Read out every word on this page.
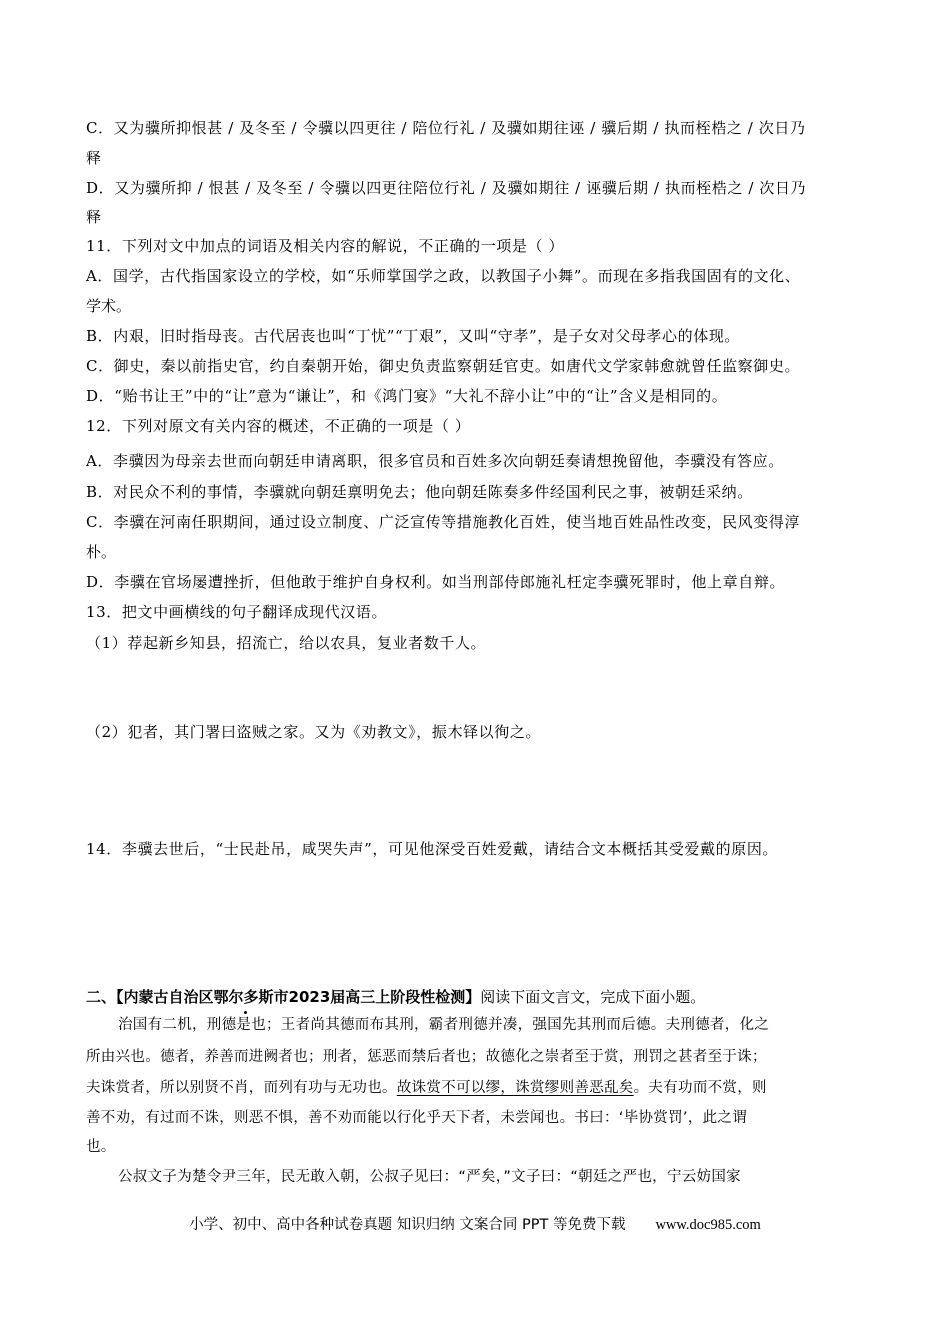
C．又为骥所抑恨甚 / 及冬至 / 令骥以四更往 / 陪位行礼 / 及骥如期往诬 / 骥后期 / 执而桎梏之 / 次日乃
释
D．又为骥所抑 / 恨甚 / 及冬至 / 令骥以四更往陪位行礼 / 及骥如期往 / 诬骥后期 / 执而桎梏之 / 次日乃
释
11．下列对文中加点的词语及相关内容的解说，不正确的一项是（ ）
A．国学，古代指国家设立的学校，如“乐师掌国学之政，以教国子小舞”。而现在多指我国固有的文化、
学术。
B．内艰，旧时指母丧。古代居丧也叫“丁忧”“丁艰”，又叫“守孝”，是子女对父母孝心的体现。
C．御史，秦以前指史官，约自秦朝开始，御史负责监察朝廷官吏。如唐代文学家韩愈就曾任监察御史。
D．“贻书让王”中的“让”意为“谦让”，和《鸿门宴》“大礼不辞小让”中的“让”含义是相同的。
12．下列对原文有关内容的概述，不正确的一项是（ ）
A．李骥因为母亲去世而向朝廷申请离职，很多官员和百姓多次向朝廷奏请想挽留他，李骥没有答应。
B．对民众不利的事情，李骥就向朝廷禀明免去；他向朝廷陈奏多件经国利民之事，被朝廷采纳。
C．李骥在河南任职期间，通过设立制度、广泛宣传等措施教化百姓，使当地百姓品性改变，民风变得淳
朴。
D．李骥在官场屡遭挫折，但他敢于维护自身权利。如当刑部侍郎施礼枉定李骥死罪时，他上章自辩。
13．把文中画横线的句子翻译成现代汉语。
（1）荐起新乡知县，招流亡，给以农具，复业者数千人。
（2）犯者，其门署曰盗贼之家。又为《劝教文》，振木铎以徇之。
14．李骥去世后，“士民赴吊，咸哭失声”，可见他深受百姓爱戴，请结合文本概括其受爱戴的原因。
二、【内蒙古自治区鄂尔多斯市2023届高三上阶段性检测】阅读下面文言文，完成下面小题。
治国有二机，刑德是也；王者尚其德而布其刑，霸者刑德并凑，强国先其刑而后德。夫刑德者，化之
所由兴也。德者，养善而进阙者也；刑者，惩恶而禁后者也；故德化之崇者至于赏，刑罚之甚者至于诛；
夫诛赏者，所以别贤不肖，而列有功与无功也。故诛赏不可以缪，诛赏缪则善恶乱矣。夫有功而不赏，则
善不劝，有过而不诛，则恶不惧，善不劝而能以行化乎天下者，未尝闻也。书曰：‘毕协赏罚’，此之谓
也。
公叔文子为楚令尹三年，民无敢入朝，公叔子见曰：“严矣，”文子曰：“朝廷之严也，宁云妨国家
小学、初中、高中各种试卷真题 知识归纳 文案合同 PPT 等免费下载 www.doc985.com
